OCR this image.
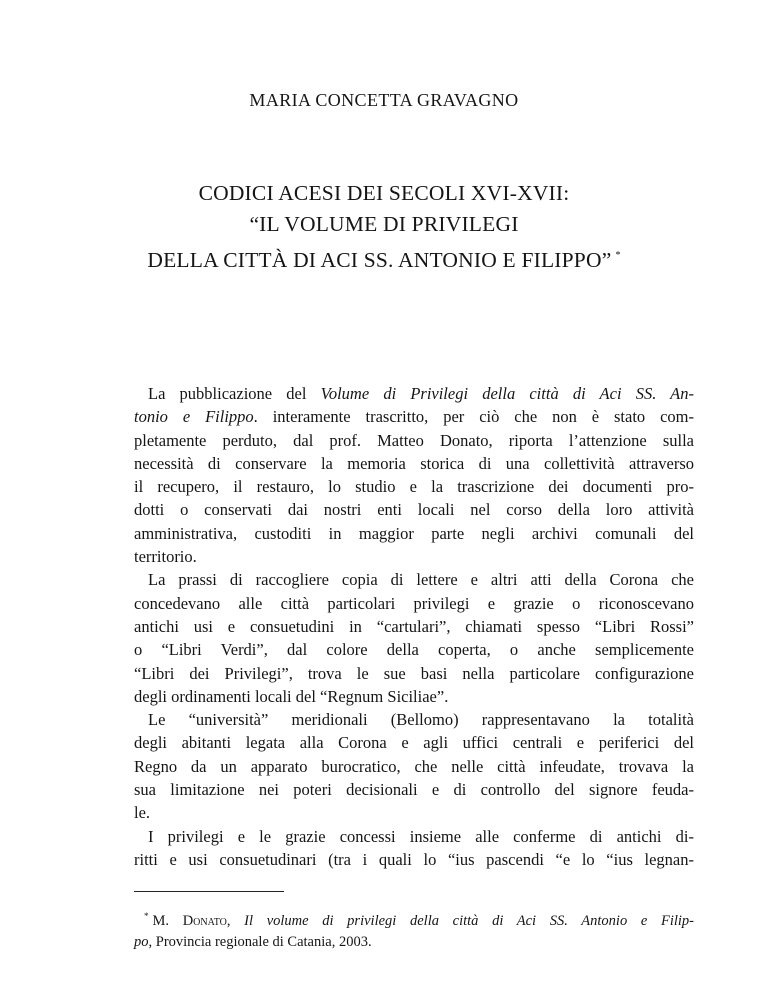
MARIA CONCETTA GRAVAGNO
CODICI ACESI DEI SECOLI XVI-XVII:
“IL VOLUME DI PRIVILEGI
DELLA CITTÀ DI ACI SS. ANTONIO E FILIPPO” *
La pubblicazione del Volume di Privilegi della città di Aci SS. An-
tonio e Filippo. interamente trascritto, per ciò che non è stato com-
pletamente perduto, dal prof. Matteo Donato, riporta l’attenzione sulla
necessità di conservare la memoria storica di una collettività attraverso
il recupero, il restauro, lo studio e la trascrizione dei documenti pro-
dotti o conservati dai nostri enti locali nel corso della loro attività
amministrativa, custoditi in maggior parte negli archivi comunali del
territorio.
La prassi di raccogliere copia di lettere e altri atti della Corona che
concedevano alle città particolari privilegi e grazie o riconoscevano
antichi usi e consuetudini in “cartulari”, chiamati spesso “Libri Rossi”
o “Libri Verdi”, dal colore della coperta, o anche semplicemente
“Libri dei Privilegi”, trova le sue basi nella particolare configurazione
degli ordinamenti locali del “Regnum Siciliae”.
Le “università” meridionali (Bellomo) rappresentavano la totalità
degli abitanti legata alla Corona e agli uffici centrali e periferici del
Regno da un apparato burocratico, che nelle città infeudate, trovava la
sua limitazione nei poteri decisionali e di controllo del signore feuda-
le.
I privilegi e le grazie concessi insieme alle conferme di antichi di-
ritti e usi consuetudinari (tra i quali lo “ius pascendi “e lo “ius legnan-
* M. Donato, Il volume di privilegi della città di Aci SS. Antonio e Filip-
po, Provincia regionale di Catania, 2003.
